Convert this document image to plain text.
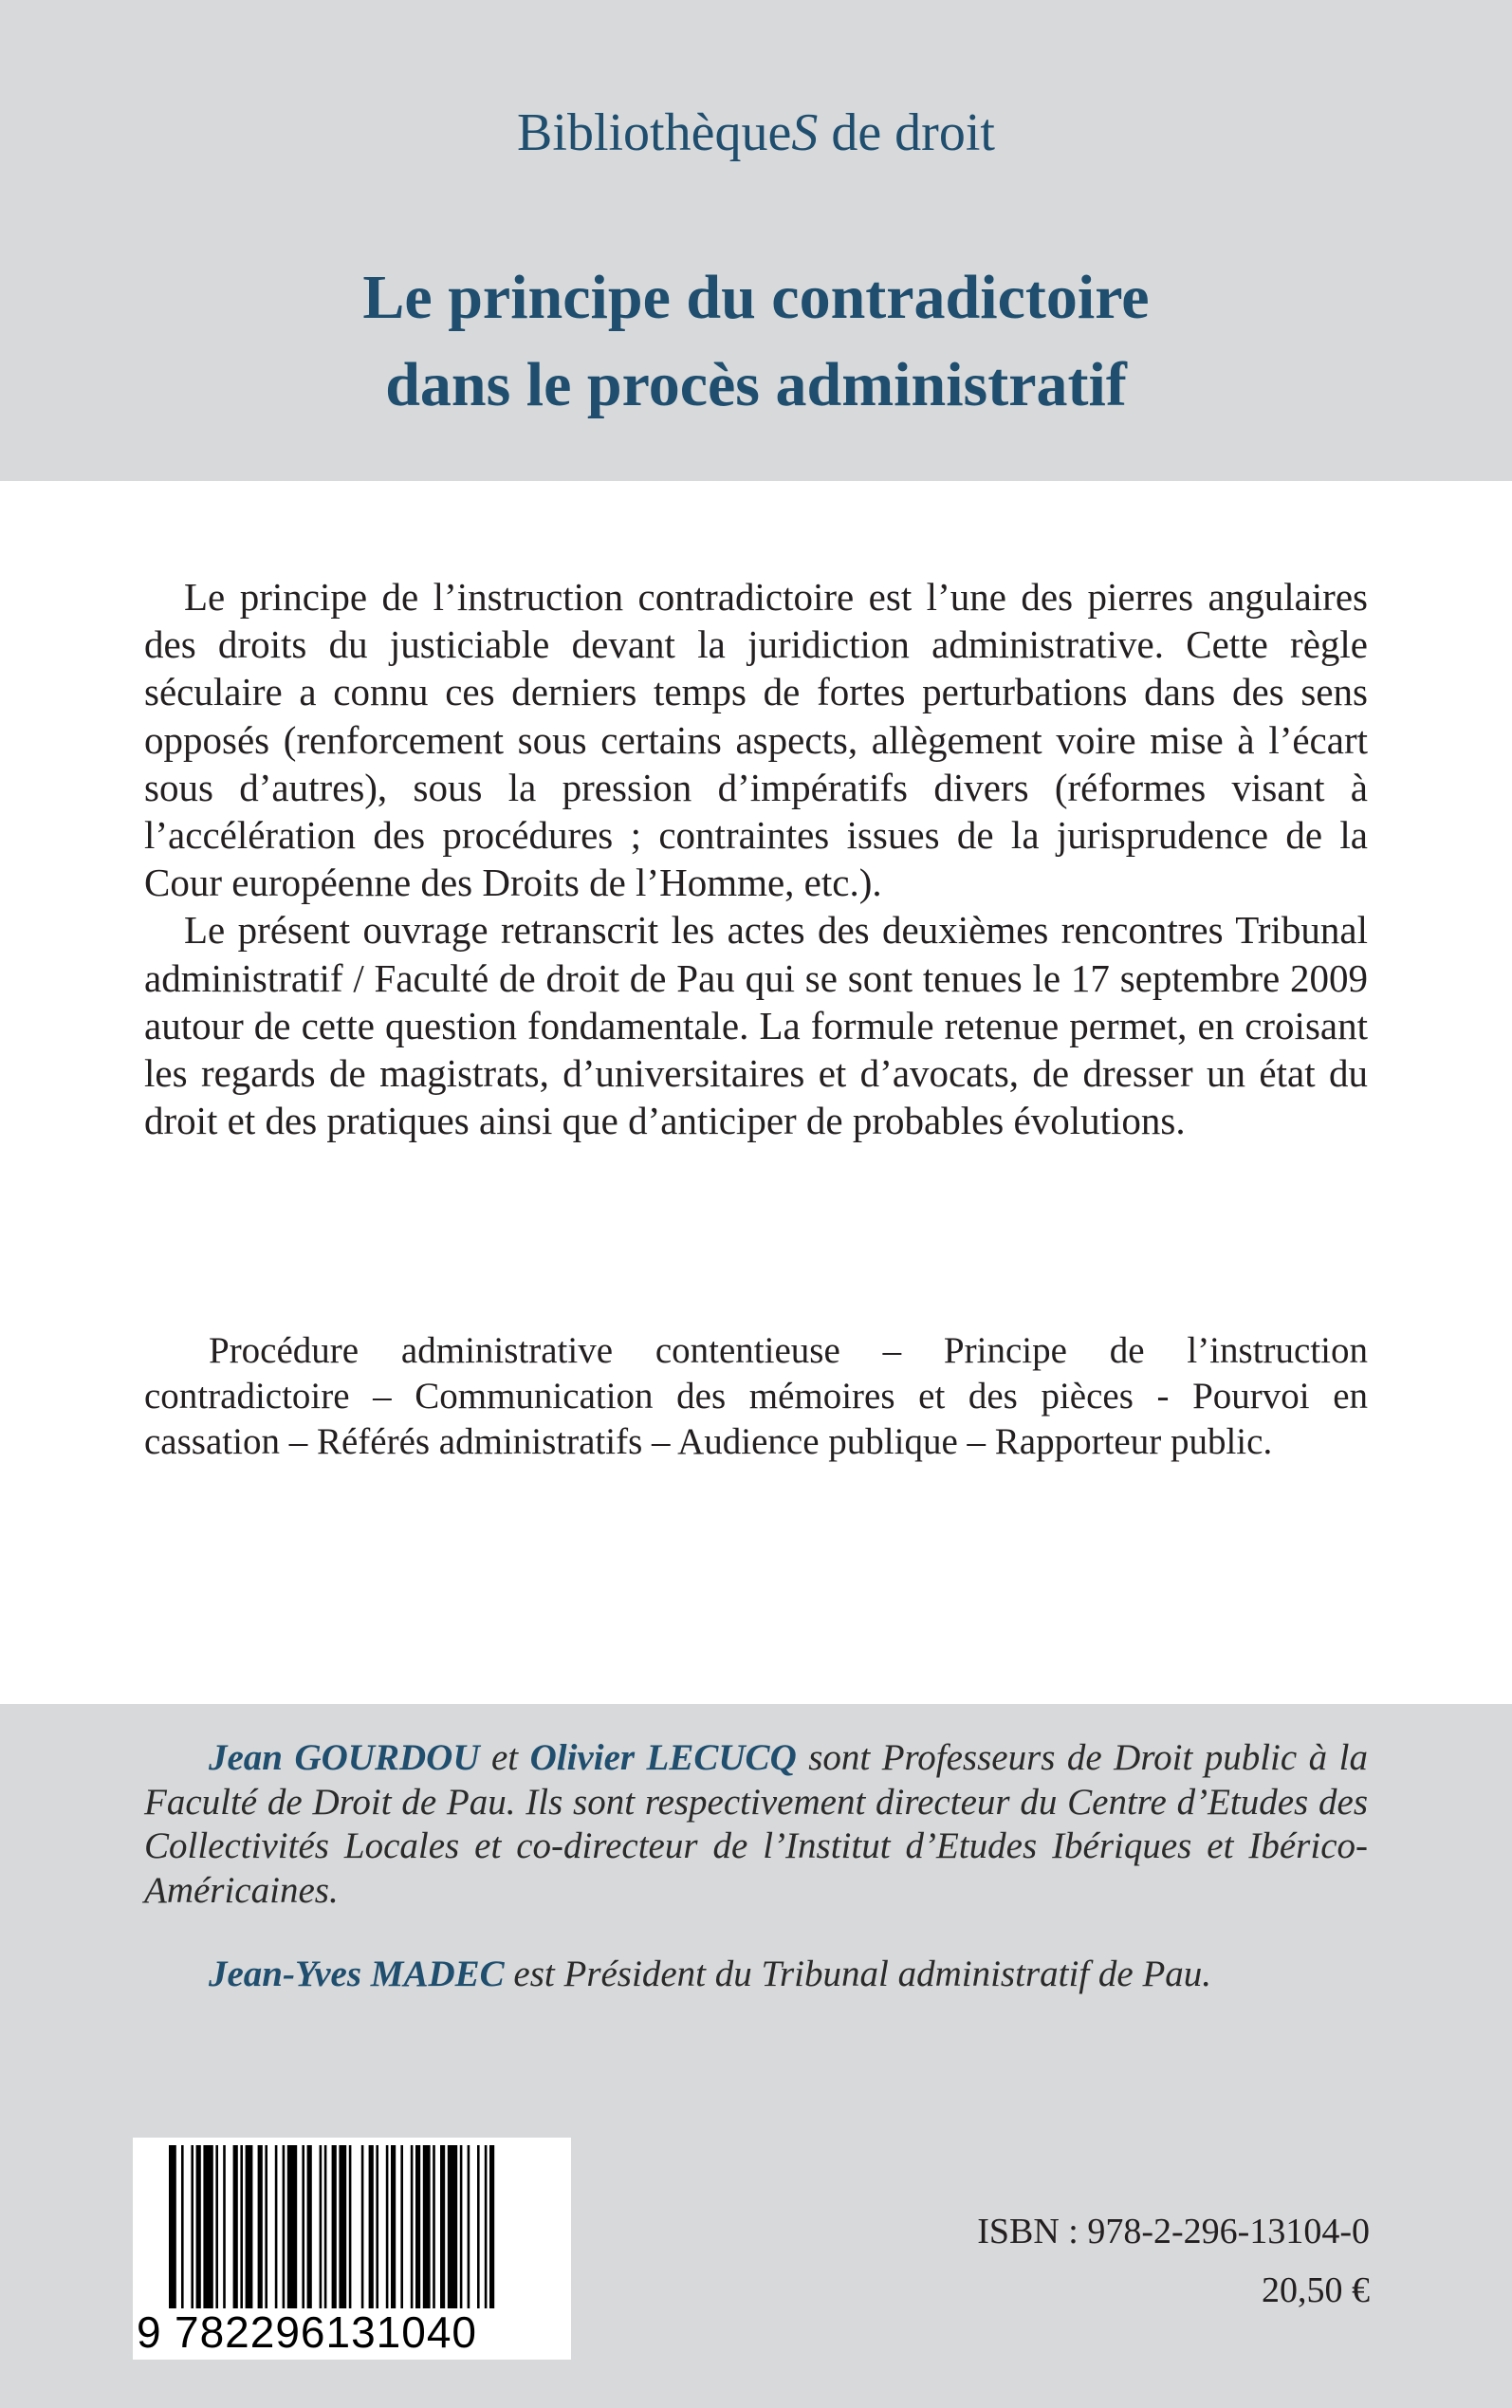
BibliothèqueS de droit
Le principe du contradictoire
dans le procès administratif

Le principe de l’instruction contradictoire est l’une des pierres angulaires des droits du justiciable devant la juridiction administrative. Cette règle séculaire a connu ces derniers temps de fortes perturbations dans des sens opposés (renforcement sous certains aspects, allègement voire mise à l’écart sous d’autres), sous la pression d’impératifs divers (réformes visant à l’accélération des procédures ; contraintes issues de la jurisprudence de la Cour européenne des Droits de l’Homme, etc.).

Le présent ouvrage retranscrit les actes des deuxièmes rencontres Tribunal administratif / Faculté de droit de Pau qui se sont tenues le 17 septembre 2009 autour de cette question fondamentale. La formule retenue permet, en croisant les regards de magistrats, d’universitaires et d’avocats, de dresser un état du droit et des pratiques ainsi que d’anticiper de probables évolutions.

Procédure administrative contentieuse – Principe de l’instruction contradictoire – Communication des mémoires et des pièces - Pourvoi en cassation – Référés administratifs – Audience publique – Rapporteur public.

Jean GOURDOU et Olivier LECUCQ sont Professeurs de Droit public à la Faculté de Droit de Pau. Ils sont respectivement directeur du Centre d’Etudes des Collectivités Locales et co-directeur de l’Institut d’Etudes Ibériques et Ibérico-Américaines.

Jean-Yves MADEC est Président du Tribunal administratif de Pau.

9 782296131040
ISBN : 978-2-296-13104-0
20,50 €
